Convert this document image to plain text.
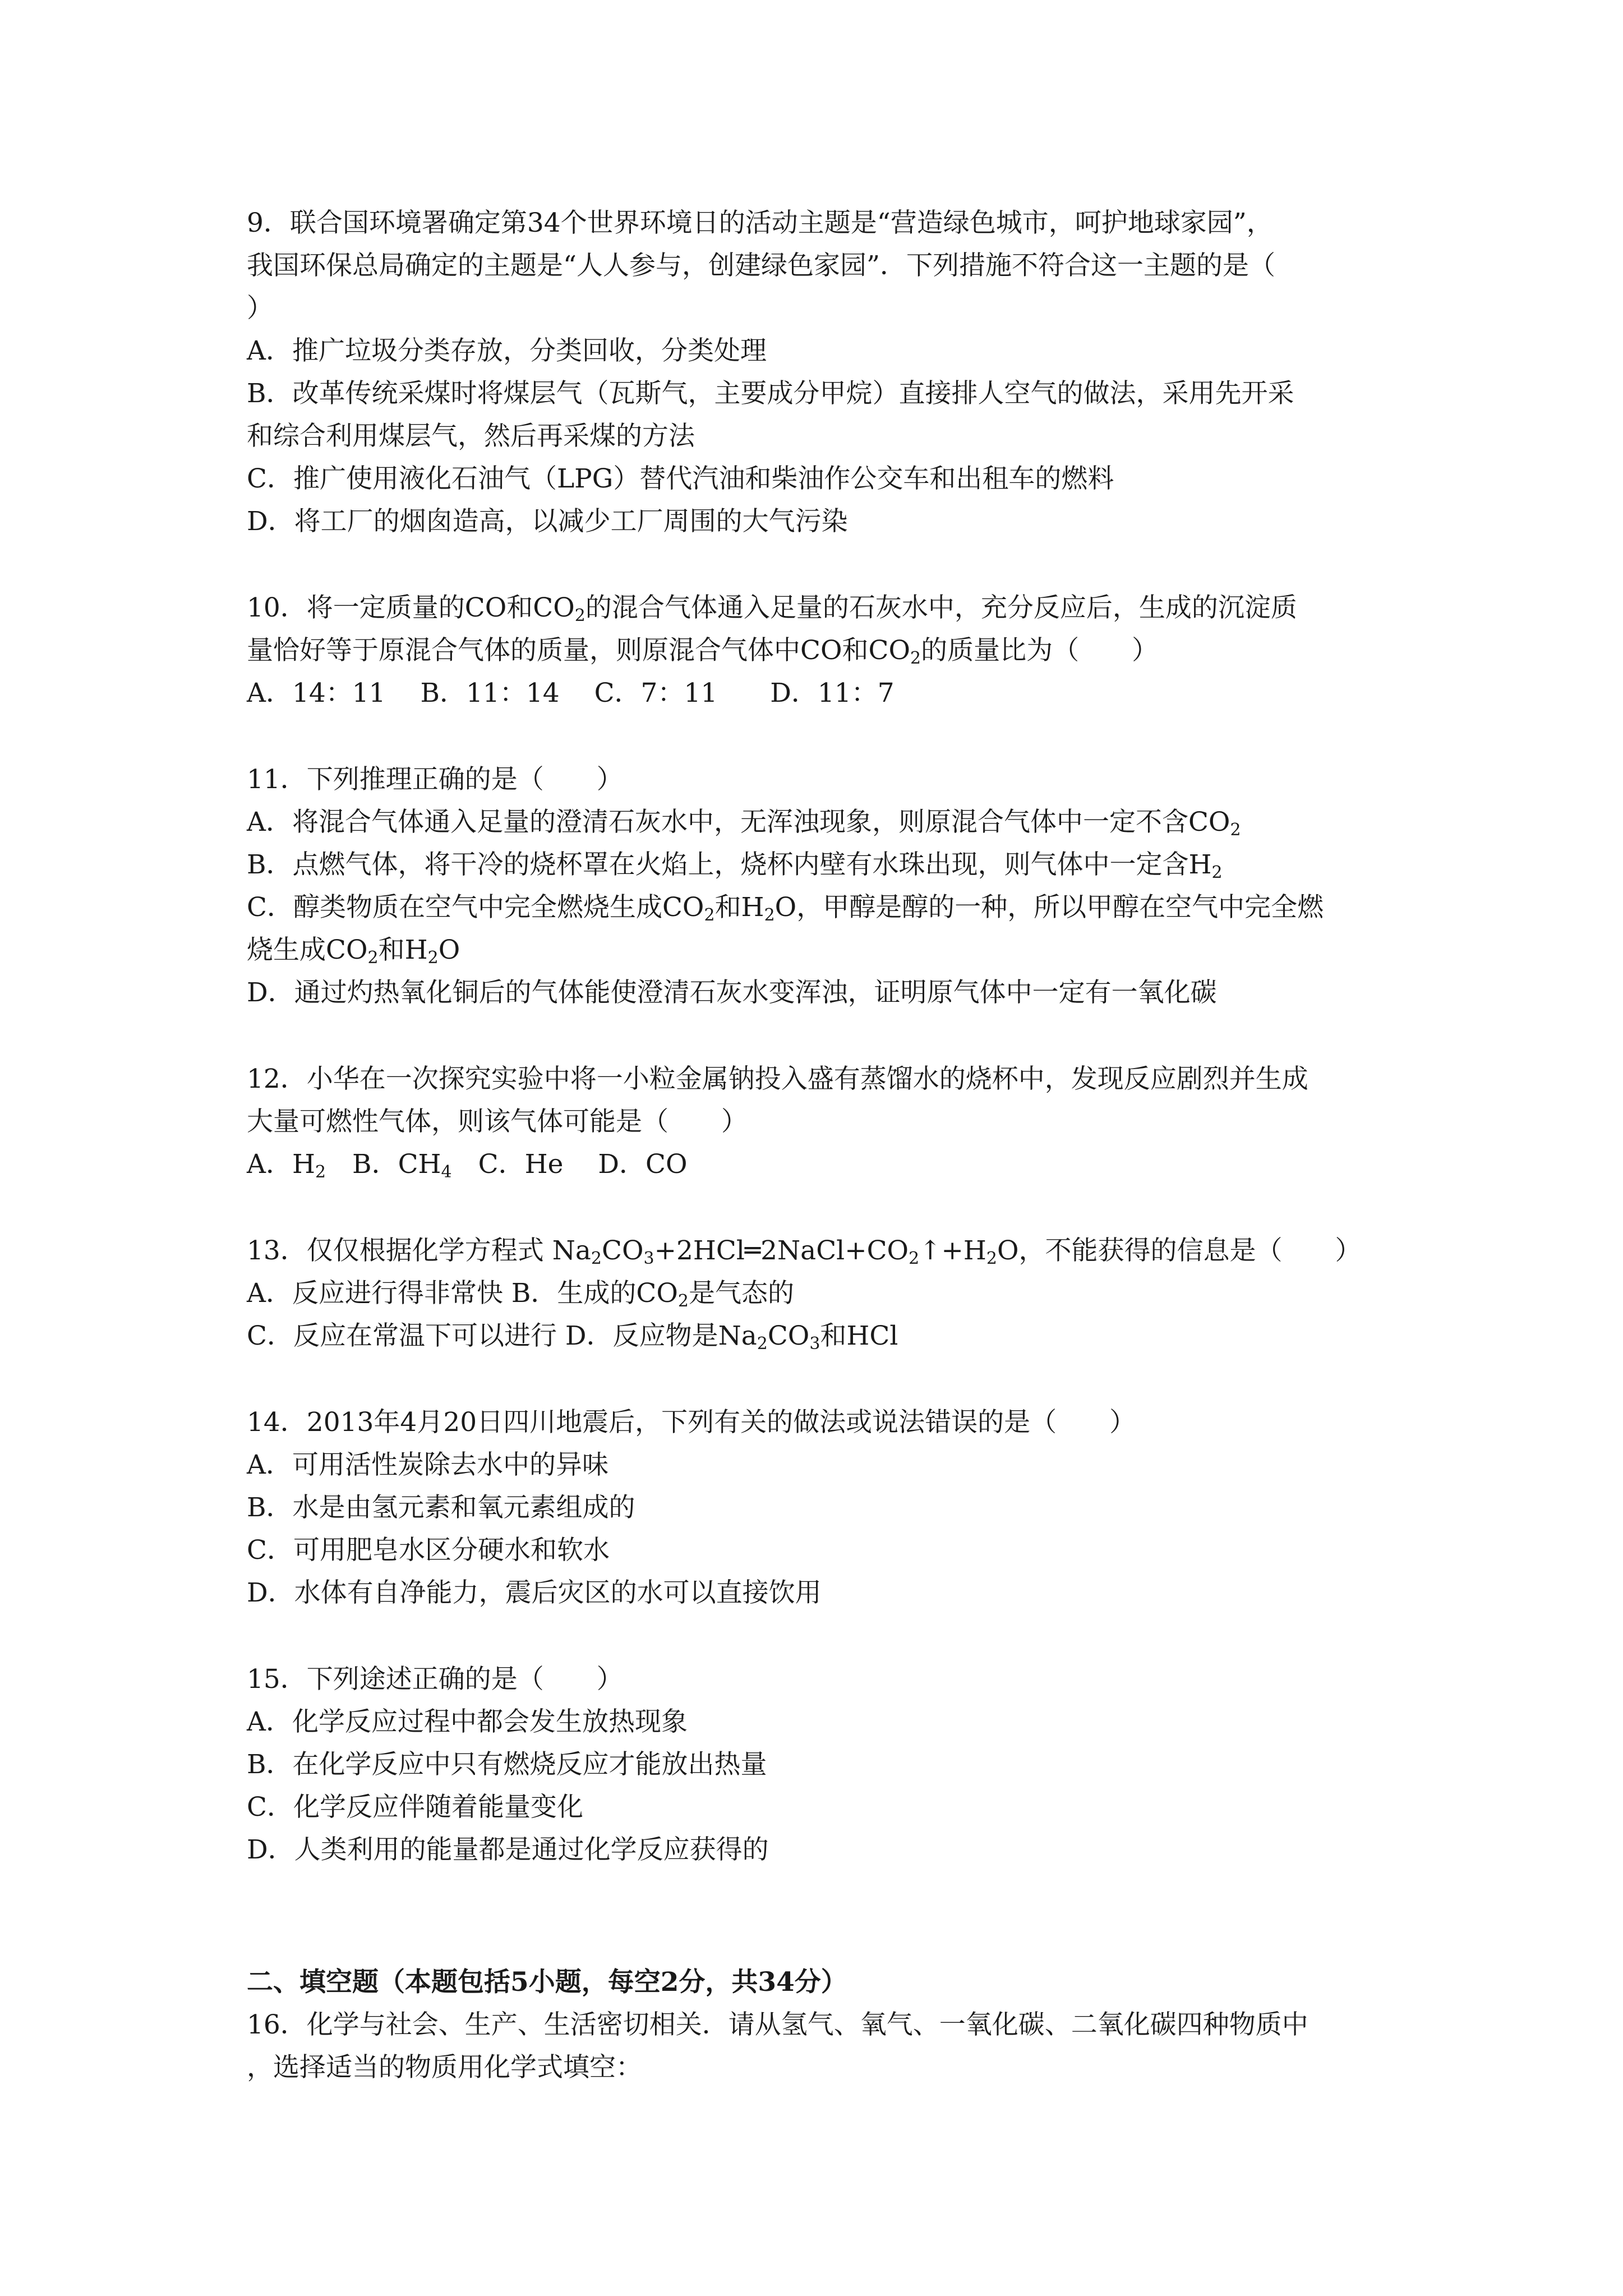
9．联合国环境署确定第34个世界环境日的活动主题是“营造绿色城市，呵护地球家园”，
我国环保总局确定的主题是“人人参与，创建绿色家园”．下列措施不符合这一主题的是（
）
A．推广垃圾分类存放，分类回收，分类处理
B．改革传统采煤时将煤层气（瓦斯气，主要成分甲烷）直接排人空气的做法，采用先开采
和综合利用煤层气，然后再采煤的方法
C．推广使用液化石油气（LPG）替代汽油和柴油作公交车和出租车的燃料
D．将工厂的烟囱造高，以减少工厂周围的大气污染
10．将一定质量的CO和$CO_2$的混合气体通入足量的石灰水中，充分反应后，生成的沉淀质
量恰好等于原混合气体的质量，则原混合气体中CO和$CO_2$的质量比为（　　）
A．14：11　 B．11：14　 C．7：11　　D．11：7
11．下列推理正确的是（　　）
A．将混合气体通入足量的澄清石灰水中，无浑浊现象，则原混合气体中一定不含$CO_2$
B．点燃气体，将干冷的烧杯罩在火焰上，烧杯内壁有水珠出现，则气体中一定含$H_2$
C．醇类物质在空气中完全燃烧生成$CO_2$和$H_2O$，甲醇是醇的一种，所以甲醇在空气中完全燃
烧生成$CO_2$和$H_2O$
D．通过灼热氧化铜后的气体能使澄清石灰水变浑浊，证明原气体中一定有一氧化碳
12．小华在一次探究实验中将一小粒金属钠投入盛有蒸馏水的烧杯中，发现反应剧烈并生成
大量可燃性气体，则该气体可能是（　　）
A．$H_2$　B．$CH_4$　C．He　 D．CO
13．仅仅根据化学方程式 $Na_2CO_3+2HCl═2NaCl+CO_2↑+H_2O$，不能获得的信息是（　　）
A．反应进行得非常快 B．生成的$CO_2$是气态的
C．反应在常温下可以进行 D．反应物是$Na_2CO_3$和HCl
14．2013年4月20日四川地震后，下列有关的做法或说法错误的是（　　）
A．可用活性炭除去水中的异味
B．水是由氢元素和氧元素组成的
C．可用肥皂水区分硬水和软水
D．水体有自净能力，震后灾区的水可以直接饮用
15．下列途述正确的是（　　）
A．化学反应过程中都会发生放热现象
B．在化学反应中只有燃烧反应才能放出热量
C．化学反应伴随着能量变化
D．人类利用的能量都是通过化学反应获得的
二、填空题（本题包括5小题，每空2分，共34分）
16．化学与社会、生产、生活密切相关．请从氢气、氧气、一氧化碳、二氧化碳四种物质中
，选择适当的物质用化学式填空：
